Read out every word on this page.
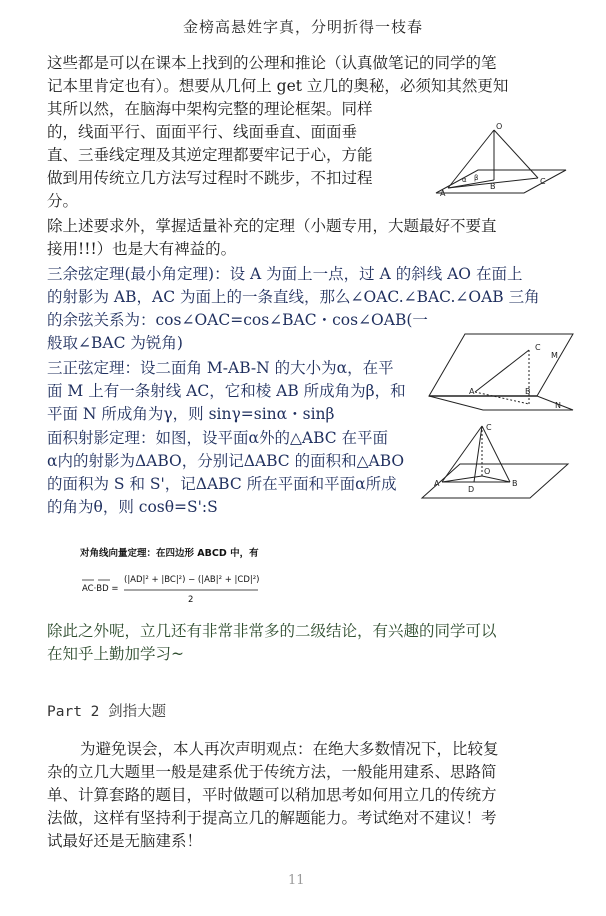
金榜高悬姓字真，分明折得一枝春
这些都是可以在课本上找到的公理和推论（认真做笔记的同学的笔
记本里肯定也有）。想要从几何上 get 立几的奥秘，必须知其然更知
其所以然，在脑海中架构完整的理论框架。同样
的，线面平行、面面平行、线面垂直、面面垂
直、三垂线定理及其逆定理都要牢记于心，方能
做到用传统立几方法写过程时不跳步，不扣过程
分。
O
A
B
C
α β
除上述要求外，掌握适量补充的定理（小题专用，大题最好不要直
接用!!!）也是大有裨益的。
三余弦定理(最小角定理)：设 A 为面上一点，过 A 的斜线 AO 在面上
的射影为 AB，AC 为面上的一条直线，那么∠OAC.∠BAC.∠OAB 三角
的余弦关系为：cos∠OAC=cos∠BAC・cos∠OAB(一
般取∠BAC 为锐角)
三正弦定理：设二面角 M-AB-N 的大小为α，在平
面 M 上有一条射线 AC，它和棱 AB 所成角为β，和
平面 N 所成角为γ，则 sinγ=sinα・sinβ
C
M
A	B
N
面积射影定理：如图，设平面α外的△ABC 在平面
α内的射影为ΔABO，分别记ΔABC 的面积和△ABO
的面积为 S 和 S'，记ΔABC 所在平面和平面α所成
的角为θ，则 cosθ=S':S
C
A	B
O
D
对角线向量定理：在四边形 ABCD 中，有
AC·BD =
(|AD|² + |BC|²) − (|AB|² + |CD|²)
2
除此之外呢，立几还有非常非常多的二级结论，有兴趣的同学可以
在知乎上勤加学习~
Part 2 剑指大题
为避免误会，本人再次声明观点：在绝大多数情况下，比较复
杂的立几大题里一般是建系优于传统方法，一般能用建系、思路简
单、计算套路的题目，平时做题可以稍加思考如何用立几的传统方
法做，这样有坚持利于提高立几的解题能力。考试绝对不建议！考
试最好还是无脑建系！
11
